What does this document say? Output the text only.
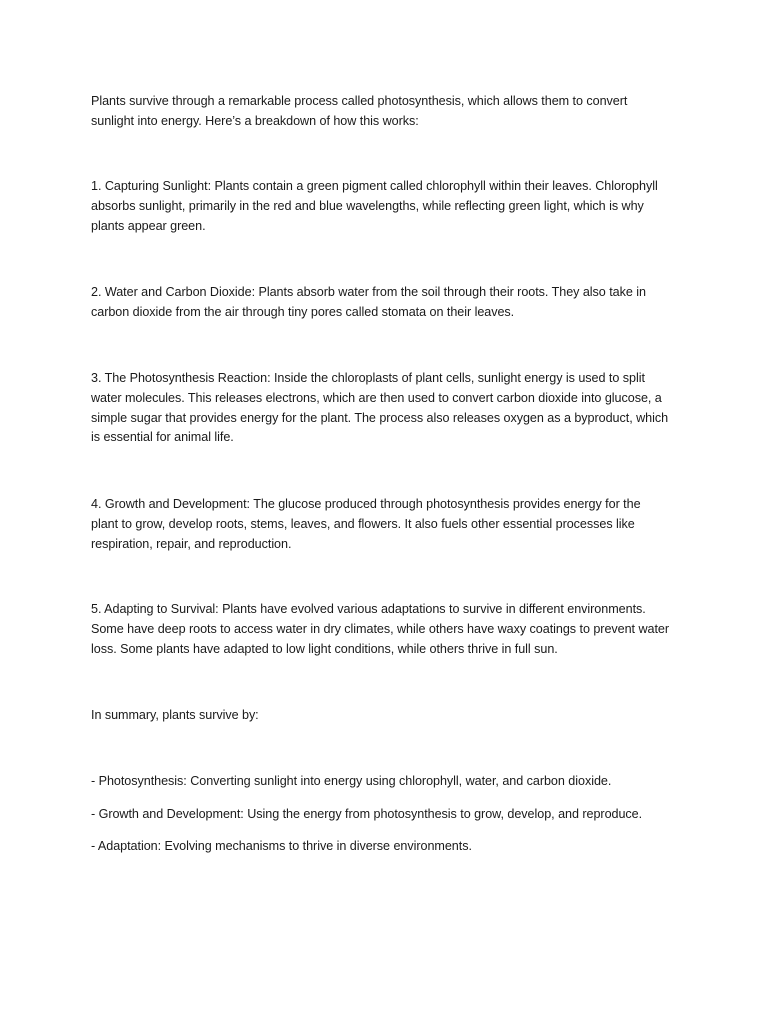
Plants survive through a remarkable process called photosynthesis, which allows them to convert
sunlight into energy. Here’s a breakdown of how this works:

1. Capturing Sunlight: Plants contain a green pigment called chlorophyll within their leaves. Chlorophyll
absorbs sunlight, primarily in the red and blue wavelengths, while reflecting green light, which is why
plants appear green.

2. Water and Carbon Dioxide: Plants absorb water from the soil through their roots. They also take in
carbon dioxide from the air through tiny pores called stomata on their leaves.

3. The Photosynthesis Reaction: Inside the chloroplasts of plant cells, sunlight energy is used to split
water molecules. This releases electrons, which are then used to convert carbon dioxide into glucose, a
simple sugar that provides energy for the plant. The process also releases oxygen as a byproduct, which
is essential for animal life.

4. Growth and Development: The glucose produced through photosynthesis provides energy for the
plant to grow, develop roots, stems, leaves, and flowers. It also fuels other essential processes like
respiration, repair, and reproduction.

5. Adapting to Survival: Plants have evolved various adaptations to survive in different environments.
Some have deep roots to access water in dry climates, while others have waxy coatings to prevent water
loss. Some plants have adapted to low light conditions, while others thrive in full sun.

In summary, plants survive by:

- Photosynthesis: Converting sunlight into energy using chlorophyll, water, and carbon dioxide.

- Growth and Development: Using the energy from photosynthesis to grow, develop, and reproduce.

- Adaptation: Evolving mechanisms to thrive in diverse environments.
